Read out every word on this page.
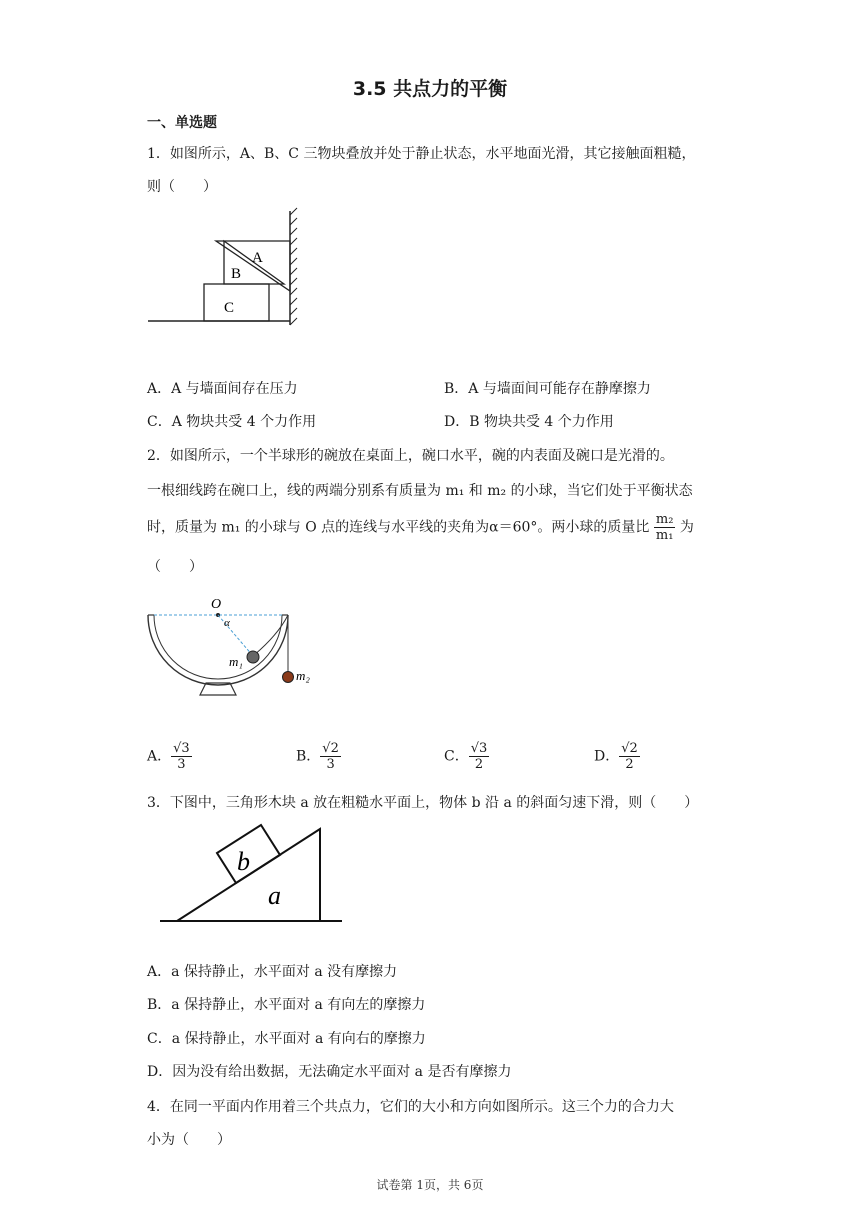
3.5 共点力的平衡
一、单选题
1．如图所示，A、B、C 三物块叠放并处于静止状态，水平地面光滑，其它接触面粗糙，
则（　　）
A
B
C
A．A 与墙面间存在压力	B．A 与墙面间可能存在静摩擦力
C．A 物块共受 4 个力作用	D．B 物块共受 4 个力作用
2．如图所示，一个半球形的碗放在桌面上，碗口水平，碗的内表面及碗口是光滑的。
一根细线跨在碗口上，线的两端分别系有质量为 m₁ 和 m₂ 的小球，当它们处于平衡状态
时，质量为 m₁ 的小球与 O 点的连线与水平线的夹角为α＝60°。两小球的质量比 $\frac{\text{m₂}}{\text{m₁}}$ 为
（　　）
O
α
m₁
m₂
A． $\frac{√3}{3}$	B． $\frac{√2}{3}$	C． $\frac{√3}{2}$	D． $\frac{√2}{2}$
3．下图中，三角形木块 a 放在粗糙水平面上，物体 b 沿 a 的斜面匀速下滑，则（　　）
a
b
A．a 保持静止，水平面对 a 没有摩擦力
B．a 保持静止，水平面对 a 有向左的摩擦力
C．a 保持静止，水平面对 a 有向右的摩擦力
D．因为没有给出数据，无法确定水平面对 a 是否有摩擦力
4．在同一平面内作用着三个共点力，它们的大小和方向如图所示。这三个力的合力大
小为（　　）
试卷第 1页，共 6页
